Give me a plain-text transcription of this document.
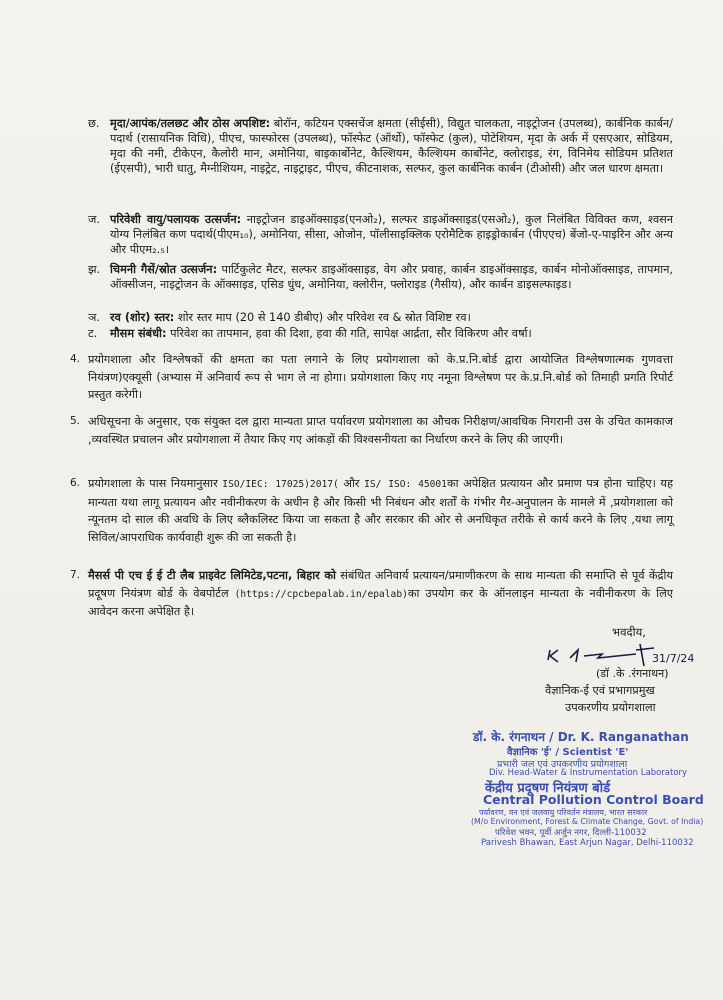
छ. मृदा/आपंक/तलछट और ठोस अपशिष्ट: बोरॉन, कटियन एक्सचेंज क्षमता (सीईसी), विद्युत चालकता, नाइट्रोजन (उपलब्ध), कार्बनिक कार्बन/पदार्थ (रासायनिक विधि), पीएच, फास्फोरस (उपलब्ध), फॉस्फेट (ऑर्थो), फॉस्फेट (कुल), पोटेशियम, मृदा के अर्क में एसएआर, सोडियम, मृदा की नमी, टीकेएन, कैलोरी मान, अमोनिया, बाइकार्बोनेट, कैल्शियम, कैल्शियम कार्बोनेट, क्लोराइड, रंग, विनिमेय सोडियम प्रतिशत (ईएसपी), भारी धातु, मैग्नीशियम, नाइट्रेट, नाइट्राइट, पीएच, कीटनाशक, सल्फर, कुल कार्बनिक कार्बन (टीओसी) और जल धारण क्षमता।
ज. परिवेशी वायु/पलायक उत्सर्जन: नाइट्रोजन डाइऑक्साइड(एनओ₂), सल्फर डाइऑक्साइड(एसओ₂), कुल निलंबित विविक्त कण, श्वसन योग्य निलंबित कण पदार्थ(पीएम₁₀), अमोनिया, सीसा, ओजोन, पॉलीसाइक्लिक एरोमैटिक हाइड्रोकार्बन (पीएएच) बेंजो-ए-पाइरिन और अन्य और पीएम₂.₅।
झ. चिमनी गैसें/स्रोत उत्सर्जन: पार्टिकुलेट मैटर, सल्फर डाइऑक्साइड, वेग और प्रवाह, कार्बन डाइऑक्साइड, कार्बन मोनोऑक्साइड, तापमान, ऑक्सीजन, नाइट्रोजन के ऑक्साइड, एसिड धुंध, अमोनिया, क्लोरीन, फ्लोराइड (गैसीय), और कार्बन डाइसल्फाइड।
ञ. रव (शोर) स्तर: शोर स्तर माप (20 से 140 डीबीए) और परिवेश रव & स्रोत विशिष्ट रव।
ट. मौसम संबंधी: परिवेश का तापमान, हवा की दिशा, हवा की गति, सापेक्ष आर्द्रता, सौर विकिरण और वर्षा।
4. प्रयोगशाला और विश्लेषकों की क्षमता का पता लगाने के लिए प्रयोगशाला को के.प्र.नि.बोर्ड द्वारा आयोजित विश्लेषणात्मक गुणवत्ता नियंत्रण)एक्यूसी (अभ्यास में अनिवार्य रूप से भाग ले ना होगा। प्रयोगशाला किए गए नमूना विश्लेषण पर के.प्र.नि.बोर्ड को तिमाही प्रगति रिपोर्ट प्रस्तुत करेगी।
5. अधिसूचना के अनुसार, एक संयुक्त दल द्वारा मान्यता प्राप्त पर्यावरण प्रयोगशाला का औचक निरीक्षण/आवधिक निगरानी उस के उचित कामकाज ,व्यवस्थित प्रचालन और प्रयोगशाला में तैयार किए गए आंकड़ों की विश्वसनीयता का निर्धारण करने के लिए की जाएगी।
6. प्रयोगशाला के पास नियमानुसार ISO/IEC: 17025)2017( और IS/ ISO: 45001का अपेक्षित प्रत्यायन और प्रमाण पत्र होना चाहिए। यह मान्यता यथा लागू प्रत्यायन और नवीनीकरण के अधीन है और किसी भी निबंधन और शर्तों के गंभीर गैर-अनुपालन के मामले में ,प्रयोगशाला को न्यूनतम दो साल की अवधि के लिए ब्लैकलिस्ट किया जा सकता है और सरकार की ओर से अनधिकृत तरीके से कार्य करने के लिए ,यथा लागू सिविल/आपराधिक कार्यवाही शुरू की जा सकती है।
7. मैसर्स पी एच ई ई टी लैब प्राइवेट लिमिटेड,पटना, बिहार को संबंधित अनिवार्य प्रत्यायन/प्रमाणीकरण के साथ मान्यता की समाप्ति से पूर्व केंद्रीय प्रदूषण नियंत्रण बोर्ड के वेबपोर्टल (https://cpcbepalab.in/epalab)का उपयोग कर के ऑनलाइन मान्यता के नवीनीकरण के लिए आवेदन करना अपेक्षित है।
भवदीय,
31/7/24
(डॉ .के .रंगनाथन)
वैज्ञानिक-ई एवं प्रभागप्रमुख
उपकरणीय प्रयोगशाला
डॉ. के. रंगनाथन / Dr. K. Ranganathan
वैज्ञानिक 'ई' / Scientist 'E'
प्रभारी जल एवं उपकरणीय प्रयोगशाला
Div. Head-Water & Instrumentation Laboratory
केंद्रीय प्रदूषण नियंत्रण बोर्ड
Central Pollution Control Board
पर्यावरण, वन एवं जलवायु परिवर्तन मंत्रालय, भारत सरकार
(M/o Environment, Forest & Climate Change, Govt. of India)
परिवेश भवन, पूर्वी अर्जुन नगर, दिल्ली-110032
Parivesh Bhawan, East Arjun Nagar, Delhi-110032
